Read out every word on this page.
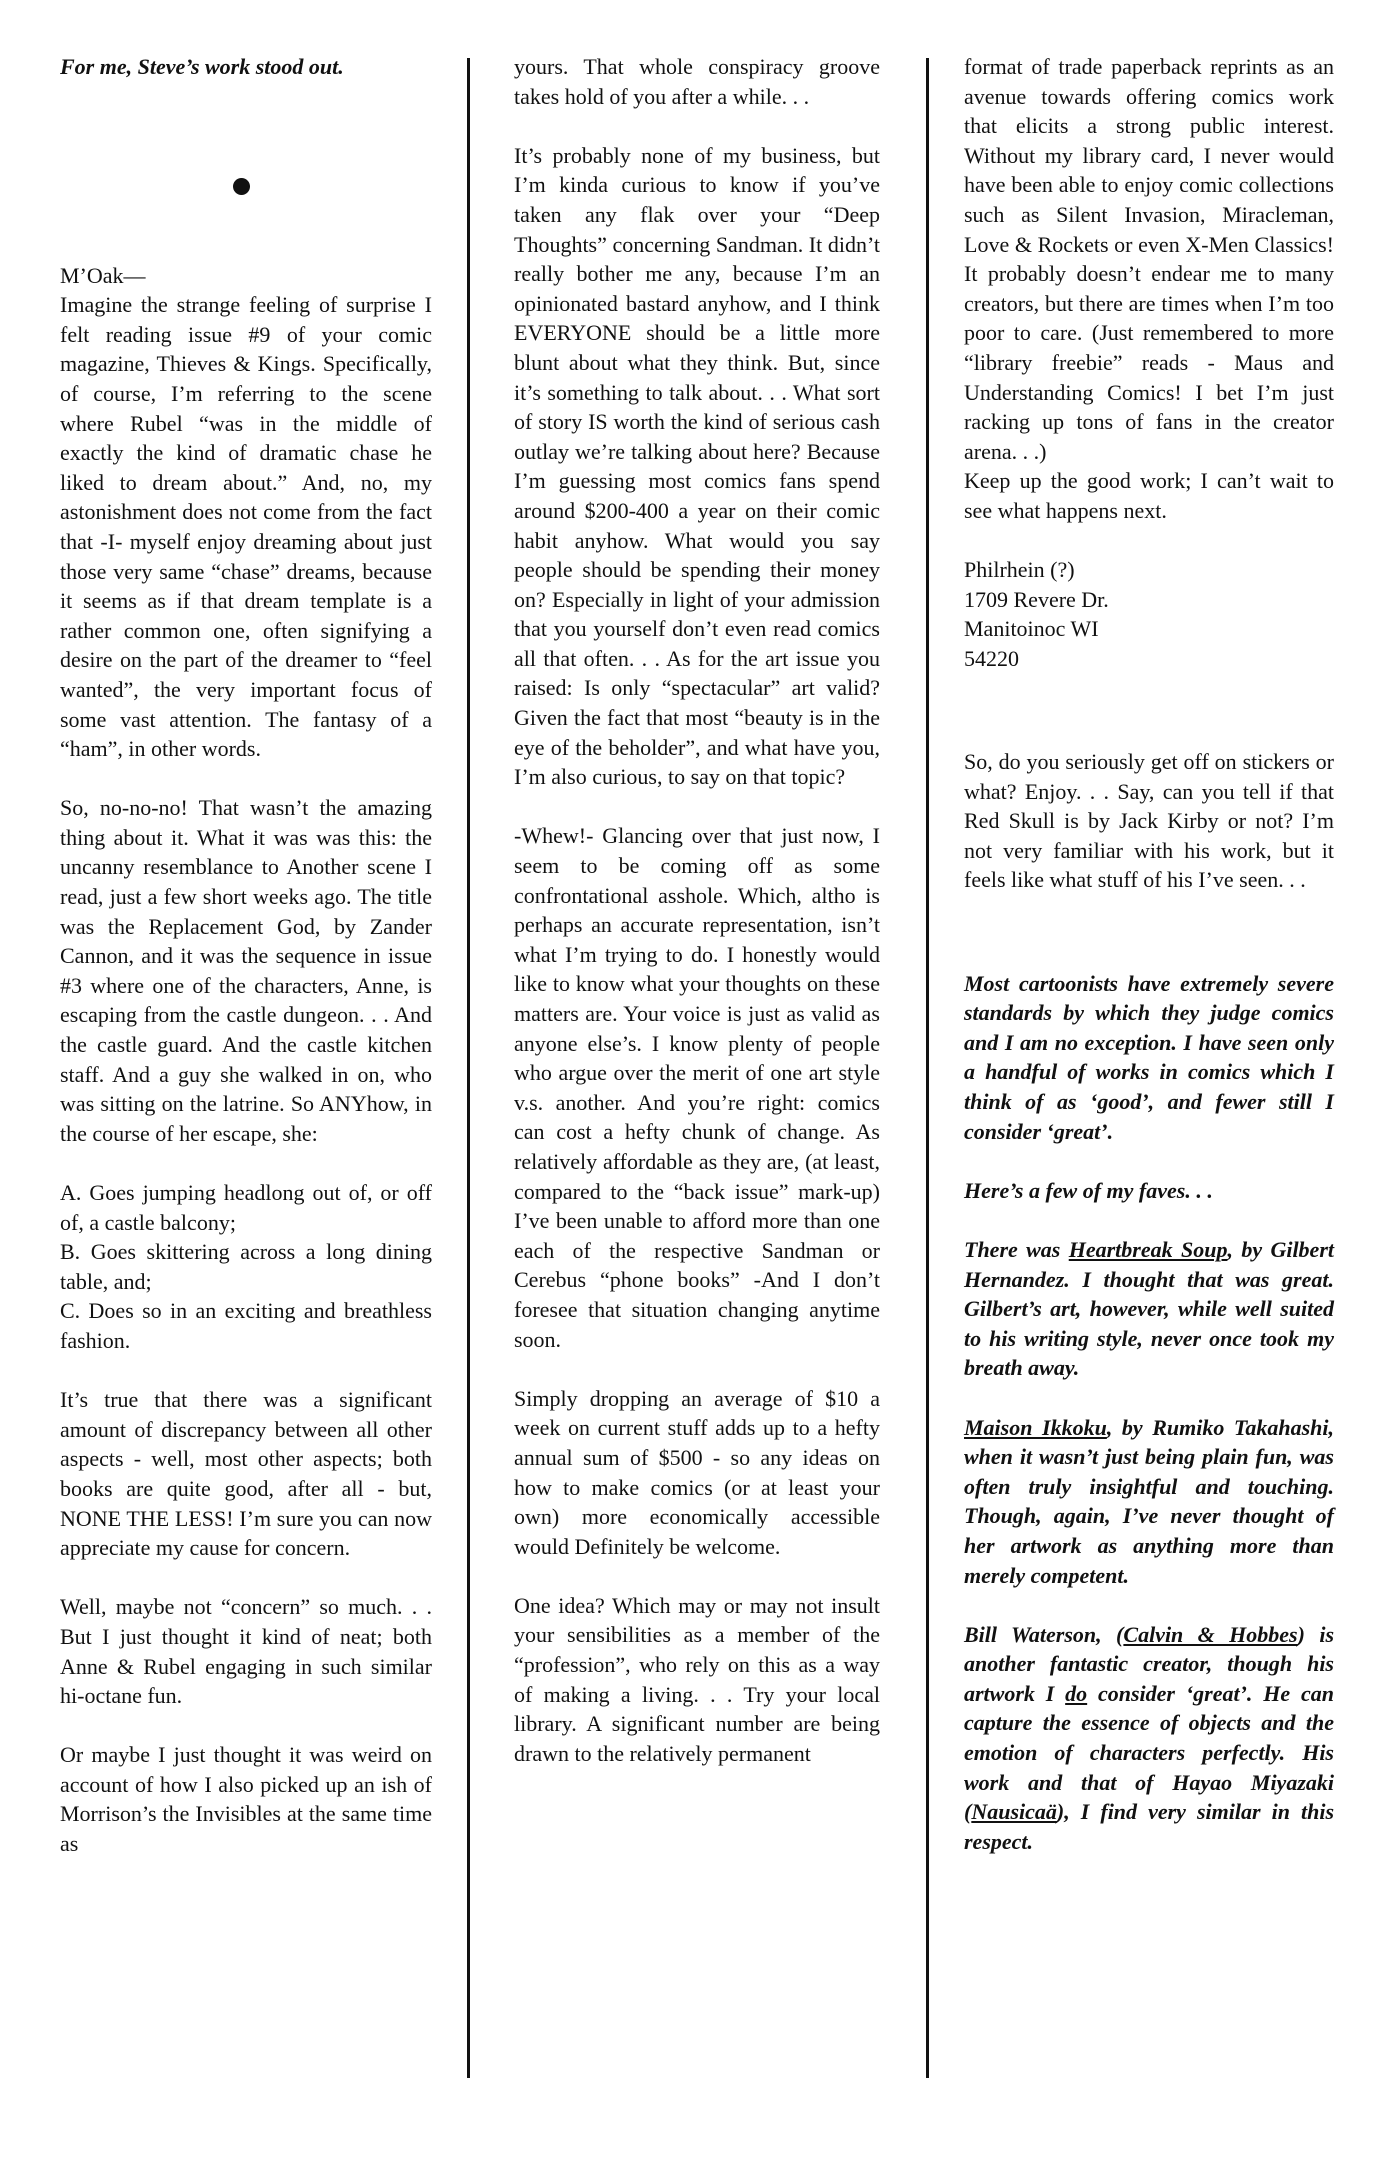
For me, Steve’s work stood out.

M’Oak—

Imagine the strange feeling of surprise I felt reading issue #9 of your comic magazine, Thieves & Kings. Specifically, of course, I’m referring to the scene where Rubel “was in the middle of exactly the kind of dramatic chase he liked to dream about.” And, no, my astonishment does not come from the fact that -I- myself enjoy dreaming about just those very same “chase” dreams, because it seems as if that dream template is a rather common one, often signifying a desire on the part of the dreamer to “feel wanted”, the very important focus of some vast attention. The fantasy of a “ham”, in other words.

So, no-no-no! That wasn’t the amazing thing about it. What it was was this: the uncanny resemblance to Another scene I read, just a few short weeks ago. The title was the Replacement God, by Zander Cannon, and it was the sequence in issue #3 where one of the characters, Anne, is escaping from the castle dungeon. . . And the castle guard. And the castle kitchen staff. And a guy she walked in on, who was sitting on the latrine. So ANYhow, in the course of her escape, she:

A. Goes jumping headlong out of, or off of, a castle balcony;

B. Goes skittering across a long dining table, and;

C. Does so in an exciting and breathless fashion.

It’s true that there was a significant amount of discrepancy between all other aspects - well, most other aspects; both books are quite good, after all - but, NONE THE LESS! I’m sure you can now appreciate my cause for concern.

Well, maybe not “concern” so much. . . But I just thought it kind of neat; both Anne & Rubel engaging in such similar hi-octane fun.

Or maybe I just thought it was weird on account of how I also picked up an ish of Morrison’s the Invisibles at the same time as

yours. That whole conspiracy groove takes hold of you after a while. . .

It’s probably none of my business, but I’m kinda curious to know if you’ve taken any flak over your “Deep Thoughts” concerning Sandman. It didn’t really bother me any, because I’m an opinionated bastard anyhow, and I think EVERYONE should be a little more blunt about what they think. But, since it’s something to talk about. . . What sort of story IS worth the kind of serious cash outlay we’re talking about here? Because I’m guessing most comics fans spend around $200-400 a year on their comic habit anyhow. What would you say people should be spending their money on? Especially in light of your admission that you yourself don’t even read comics all that often. . . As for the art issue you raised: Is only “spectacular” art valid? Given the fact that most “beauty is in the eye of the beholder”, and what have you, I’m also curious, to say on that topic?

-Whew!- Glancing over that just now, I seem to be coming off as some confrontational asshole. Which, altho is perhaps an accurate representation, isn’t what I’m trying to do. I honestly would like to know what your thoughts on these matters are. Your voice is just as valid as anyone else’s. I know plenty of people who argue over the merit of one art style v.s. another. And you’re right: comics can cost a hefty chunk of change. As relatively affordable as they are, (at least, compared to the “back issue” mark-up) I’ve been unable to afford more than one each of the respective Sandman or Cerebus “phone books” -And I don’t foresee that situation changing anytime soon.

Simply dropping an average of $10 a week on current stuff adds up to a hefty annual sum of $500 - so any ideas on how to make comics (or at least your own) more economically accessible would Definitely be welcome.

One idea? Which may or may not insult your sensibilities as a member of the “profession”, who rely on this as a way of making a living. . . Try your local library. A significant number are being drawn to the relatively permanent

format of trade paperback reprints as an avenue towards offering comics work that elicits a strong public interest. Without my library card, I never would have been able to enjoy comic collections such as Silent Invasion, Miracleman, Love & Rockets or even X-Men Classics! It probably doesn’t endear me to many creators, but there are times when I’m too poor to care. (Just remembered to more “library freebie” reads - Maus and Understanding Comics! I bet I’m just racking up tons of fans in the creator arena. . .)

Keep up the good work; I can’t wait to see what happens next.

Philrhein (?)

1709 Revere Dr.

Manitoinoc WI

54220

So, do you seriously get off on stickers or what? Enjoy. . . Say, can you tell if that Red Skull is by Jack Kirby or not? I’m not very familiar with his work, but it feels like what stuff of his I’ve seen. . .

Most cartoonists have extremely severe standards by which they judge comics and I am no exception. I have seen only a handful of works in comics which I think of as ‘good’, and fewer still I consider ‘great’.

Here’s a few of my faves. . .

There was Heartbreak Soup, by Gilbert Hernandez. I thought that was great. Gilbert’s art, however, while well suited to his writing style, never once took my breath away.

Maison Ikkoku, by Rumiko Takahashi, when it wasn’t just being plain fun, was often truly insightful and touching. Though, again, I’ve never thought of her artwork as anything more than merely competent.

Bill Waterson, (Calvin & Hobbes) is another fantastic creator, though his artwork I do consider ‘great’. He can capture the essence of objects and the emotion of characters perfectly. His work and that of Hayao Miyazaki (Nausicaä), I find very similar in this respect.
